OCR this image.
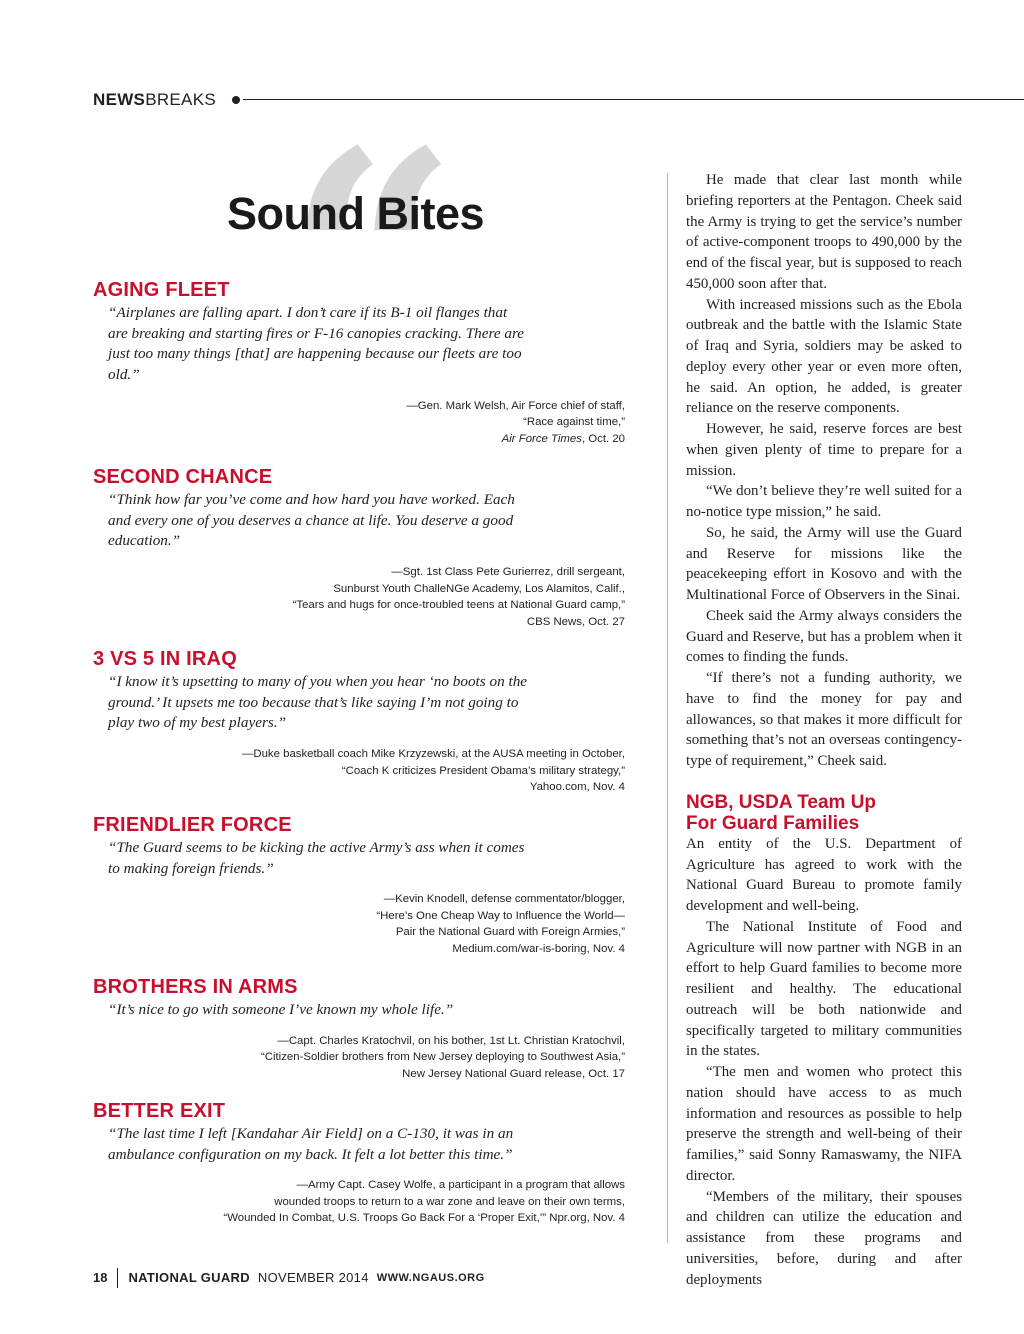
NEWSBREAKS
Sound Bites
AGING FLEET
“Airplanes are falling apart. I don’t care if its B-1 oil flanges that are breaking and starting fires or F-16 canopies cracking. There are just too many things [that] are happening because our fleets are too old.”
—Gen. Mark Welsh, Air Force chief of staff,
“Race against time,”
Air Force Times, Oct. 20
SECOND CHANCE
“Think how far you’ve come and how hard you have worked. Each and every one of you deserves a chance at life. You deserve a good education.”
—Sgt. 1st Class Pete Gurierrez, drill sergeant,
Sunburst Youth ChalleNGe Academy, Los Alamitos, Calif.,
“Tears and hugs for once-troubled teens at National Guard camp,”
CBS News, Oct. 27
3 VS 5 IN IRAQ
“I know it’s upsetting to many of you when you hear ‘no boots on the ground.’ It upsets me too because that’s like saying I’m not going to play two of my best players.”
—Duke basketball coach Mike Krzyzewski, at the AUSA meeting in October,
“Coach K criticizes President Obama’s military strategy,”
Yahoo.com, Nov. 4
FRIENDLIER FORCE
“The Guard seems to be kicking the active Army’s ass when it comes to making foreign friends.”
—Kevin Knodell, defense commentator/blogger,
“Here’s One Cheap Way to Influence the World—
Pair the National Guard with Foreign Armies,”
Medium.com/war-is-boring, Nov. 4
BROTHERS IN ARMS
“It’s nice to go with someone I’ve known my whole life.”
—Capt. Charles Kratochvil, on his bother, 1st Lt. Christian Kratochvil,
“Citizen-Soldier brothers from New Jersey deploying to Southwest Asia,”
New Jersey National Guard release, Oct. 17
BETTER EXIT
“The last time I left [Kandahar Air Field] on a C-130, it was in an ambulance configuration on my back. It felt a lot better this time.”
—Army Capt. Casey Wolfe, a participant in a program that allows
wounded troops to return to a war zone and leave on their own terms,
“Wounded In Combat, U.S. Troops Go Back For a ‘Proper Exit,’” Npr.org, Nov. 4

He made that clear last month while briefing reporters at the Pentagon. Cheek said the Army is trying to get the service’s number of active-component troops to 490,000 by the end of the fiscal year, but is supposed to reach 450,000 soon after that.

With increased missions such as the Ebola outbreak and the battle with the Islamic State of Iraq and Syria, soldiers may be asked to deploy every other year or even more often, he said. An option, he added, is greater reliance on the reserve components.

However, he said, reserve forces are best when given plenty of time to prepare for a mission.

“We don’t believe they’re well suited for a no-notice type mission,” he said.

So, he said, the Army will use the Guard and Reserve for missions like the peacekeeping effort in Kosovo and with the Multinational Force of Observers in the Sinai.

Cheek said the Army always considers the Guard and Reserve, but has a problem when it comes to finding the funds.

“If there’s not a funding authority, we have to find the money for pay and allowances, so that makes it more difficult for something that’s not an overseas contingency-type of requirement,” Cheek said.

NGB, USDA Team Up
For Guard Families

An entity of the U.S. Department of Agriculture has agreed to work with the National Guard Bureau to promote family development and well-being.

The National Institute of Food and Agriculture will now partner with NGB in an effort to help Guard families to become more resilient and healthy. The educational outreach will be both nationwide and specifically targeted to military communities in the states.

“The men and women who protect this nation should have access to as much information and resources as possible to help preserve the strength and well-being of their families,” said Sonny Ramaswamy, the NIFA director.

“Members of the military, their spouses and children can utilize the education and assistance from these programs and universities, before, during and after deployments

18 NATIONAL GUARD NOVEMBER 2014 WWW.NGAUS.ORG
